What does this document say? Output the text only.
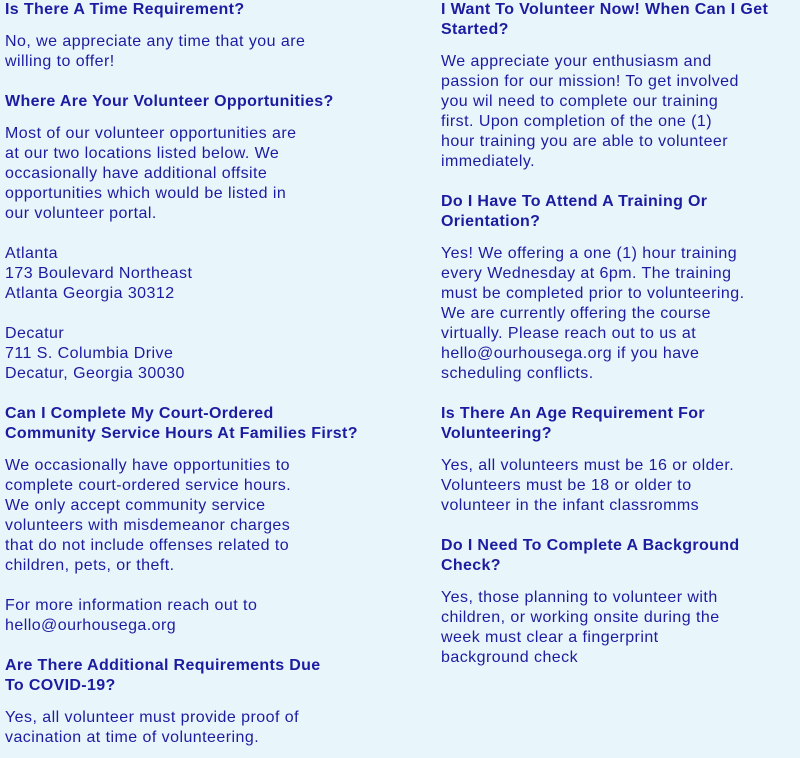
Is There A Time Requirement?

No, we appreciate any time that you are
willing to offer!

Where Are Your Volunteer Opportunities?

Most of our volunteer opportunities are
at our two locations listed below. We
occasionally have additional offsite
opportunities which would be listed in
our volunteer portal.

Atlanta
173 Boulevard Northeast
Atlanta Georgia 30312

Decatur
711 S. Columbia Drive
Decatur, Georgia 30030

Can I Complete My Court-Ordered
Community Service Hours At Families First?

We occasionally have opportunities to
complete court-ordered service hours.
We only accept community service
volunteers with misdemeanor charges
that do not include offenses related to
children, pets, or theft.

For more information reach out to
hello@ourhousega.org

Are There Additional Requirements Due
To COVID-19?

Yes, all volunteer must provide proof of
vacination at time of volunteering.

I Want To Volunteer Now! When Can I Get
Started?

We appreciate your enthusiasm and
passion for our mission! To get involved
you wil need to complete our training
first. Upon completion of the one (1)
hour training you are able to volunteer
immediately.

Do I Have To Attend A Training Or
Orientation?

Yes! We offering a one (1) hour training
every Wednesday at 6pm. The training
must be completed prior to volunteering.
We are currently offering the course
virtually. Please reach out to us at
hello@ourhousega.org if you have
scheduling conflicts.

Is There An Age Requirement For
Volunteering?

Yes, all volunteers must be 16 or older.
Volunteers must be 18 or older to
volunteer in the infant classromms

Do I Need To Complete A Background
Check?

Yes, those planning to volunteer with
children, or working onsite during the
week must clear a fingerprint
background check
